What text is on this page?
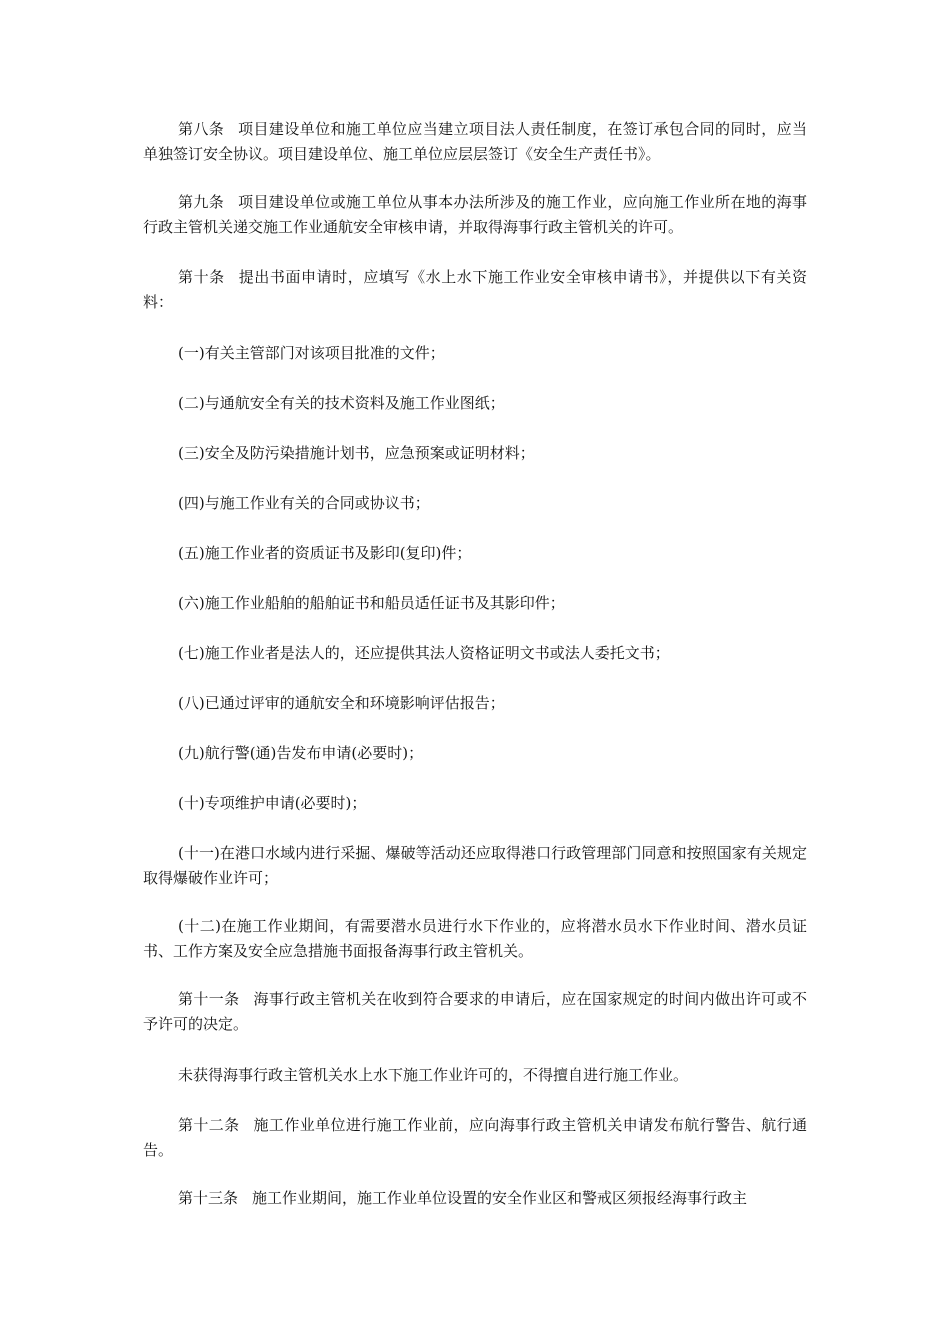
第八条 项目建设单位和施工单位应当建立项目法人责任制度，在签订承包合同的同时，应当单独签订安全协议。项目建设单位、施工单位应层层签订《安全生产责任书》。

第九条 项目建设单位或施工单位从事本办法所涉及的施工作业，应向施工作业所在地的海事行政主管机关递交施工作业通航安全审核申请，并取得海事行政主管机关的许可。

第十条 提出书面申请时，应填写《水上水下施工作业安全审核申请书》，并提供以下有关资料：

(一)有关主管部门对该项目批准的文件；

(二)与通航安全有关的技术资料及施工作业图纸；

(三)安全及防污染措施计划书，应急预案或证明材料；

(四)与施工作业有关的合同或协议书；

(五)施工作业者的资质证书及影印(复印)件；

(六)施工作业船舶的船舶证书和船员适任证书及其影印件；

(七)施工作业者是法人的，还应提供其法人资格证明文书或法人委托文书；

(八)已通过评审的通航安全和环境影响评估报告；

(九)航行警(通)告发布申请(必要时)；

(十)专项维护申请(必要时)；

(十一)在港口水域内进行采掘、爆破等活动还应取得港口行政管理部门同意和按照国家有关规定取得爆破作业许可；

(十二)在施工作业期间，有需要潜水员进行水下作业的，应将潜水员水下作业时间、潜水员证书、工作方案及安全应急措施书面报备海事行政主管机关。

第十一条 海事行政主管机关在收到符合要求的申请后，应在国家规定的时间内做出许可或不予许可的决定。

未获得海事行政主管机关水上水下施工作业许可的，不得擅自进行施工作业。

第十二条 施工作业单位进行施工作业前，应向海事行政主管机关申请发布航行警告、航行通告。

第十三条 施工作业期间，施工作业单位设置的安全作业区和警戒区须报经海事行政主
